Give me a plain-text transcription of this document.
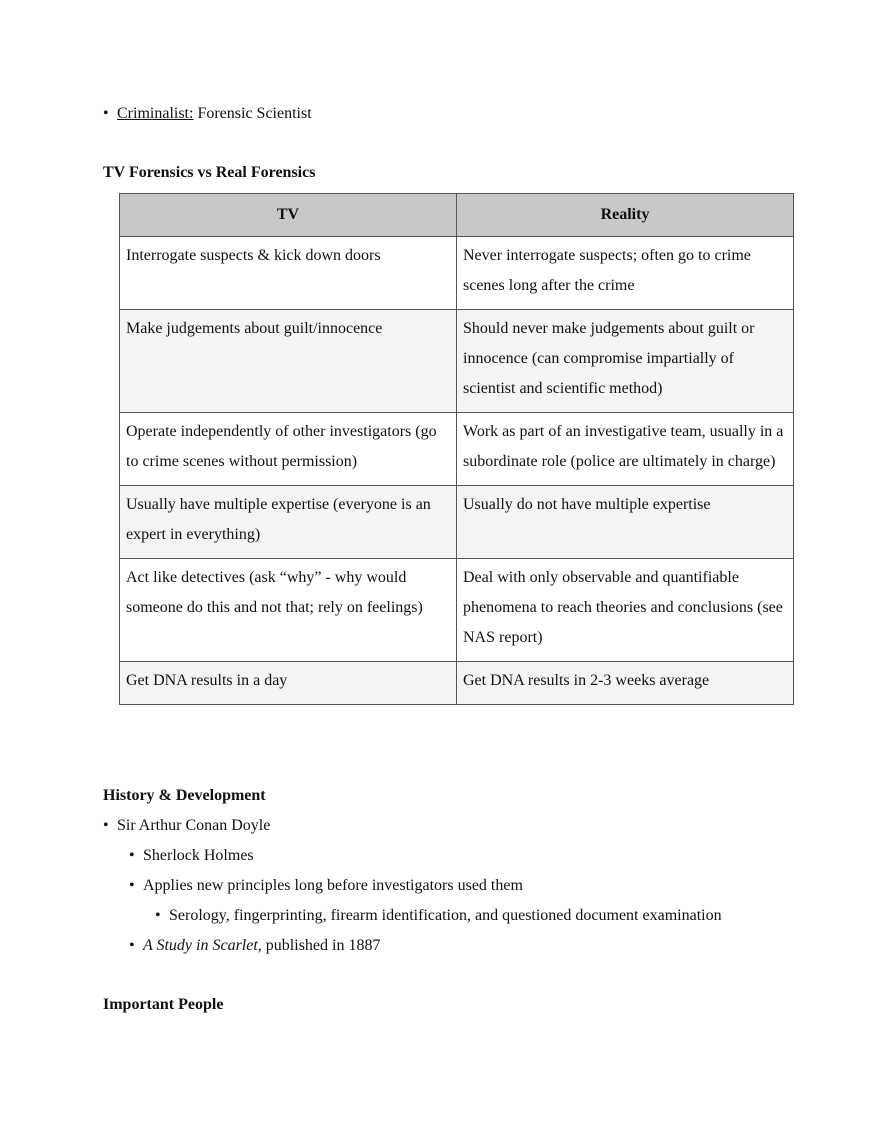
• Criminalist: Forensic Scientist
TV Forensics vs Real Forensics
TV	Reality
Interrogate suspects & kick down doors	Never interrogate suspects; often go to crime scenes long after the crime
Make judgements about guilt/innocence	Should never make judgements about guilt or innocence (can compromise impartially of scientist and scientific method)
Operate independently of other investigators (go to crime scenes without permission)	Work as part of an investigative team, usually in a subordinate role (police are ultimately in charge)
Usually have multiple expertise (everyone is an expert in everything)	Usually do not have multiple expertise
Act like detectives (ask “why” - why would someone do this and not that; rely on feelings)	Deal with only observable and quantifiable phenomena to reach theories and conclusions (see NAS report)
Get DNA results in a day	Get DNA results in 2-3 weeks average
History & Development
• Sir Arthur Conan Doyle
• Sherlock Holmes
• Applies new principles long before investigators used them
• Serology, fingerprinting, firearm identification, and questioned document examination
• A Study in Scarlet, published in 1887
Important People
